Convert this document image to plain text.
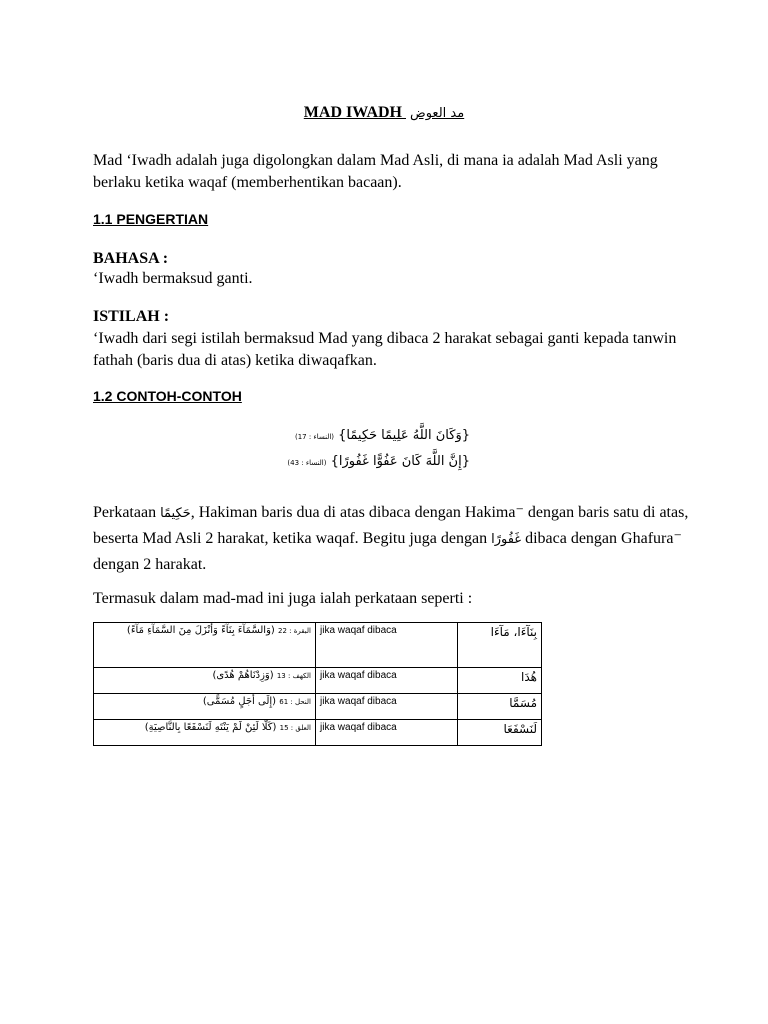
MAD IWADH مد العوض
Mad ‘Iwadh adalah juga digolongkan dalam Mad Asli, di mana ia adalah Mad Asli yang berlaku ketika waqaf (memberhentikan bacaan).
1.1 PENGERTIAN
BAHASA :
‘Iwadh bermaksud ganti.
ISTILAH :
‘Iwadh dari segi istilah bermaksud Mad yang dibaca 2 harakat sebagai ganti kepada tanwin fathah (baris dua di atas) ketika diwaqafkan.
1.2 CONTOH-CONTOH
{وَكَانَ اللَّهُ عَلِيمًا حَكِيمًا} (النساء : 17)
{إِنَّ اللَّهَ كَانَ عَفُوًّا غَفُورًا} (النساء : 43)
Perkataan حَكِيمًا, Hakiman baris dua di atas dibaca dengan Hakima⁻ dengan baris satu di atas, beserta Mad Asli 2 harakat, ketika waqaf. Begitu juga dengan غَفُورًا dibaca dengan Ghafura⁻ dengan 2 harakat.
Termasuk dalam mad-mad ini juga ialah perkataan seperti :
البقرة : 22 (وَالسَّمَآءَ بِنَآءً وَأَنْزَلَ مِنَ السَّمَآءِ مَآءً)	jika waqaf dibaca	بِنَآءَا، مَآءَا
الكهف : 13 (وَزِدْنَاهُمْ هُدًى)	jika waqaf dibaca	هُدَا
النحل : 61 (إِلَى أَجَلٍ مُسَمًّى)	jika waqaf dibaca	مُسَمَّا
العلق : 15 (كَلَّا لَئِنْ لَمْ يَنْتَهِ لَنَسْفَعًا بِالنَّاصِيَةِ)	jika waqaf dibaca	لَنَسْفَعَا
